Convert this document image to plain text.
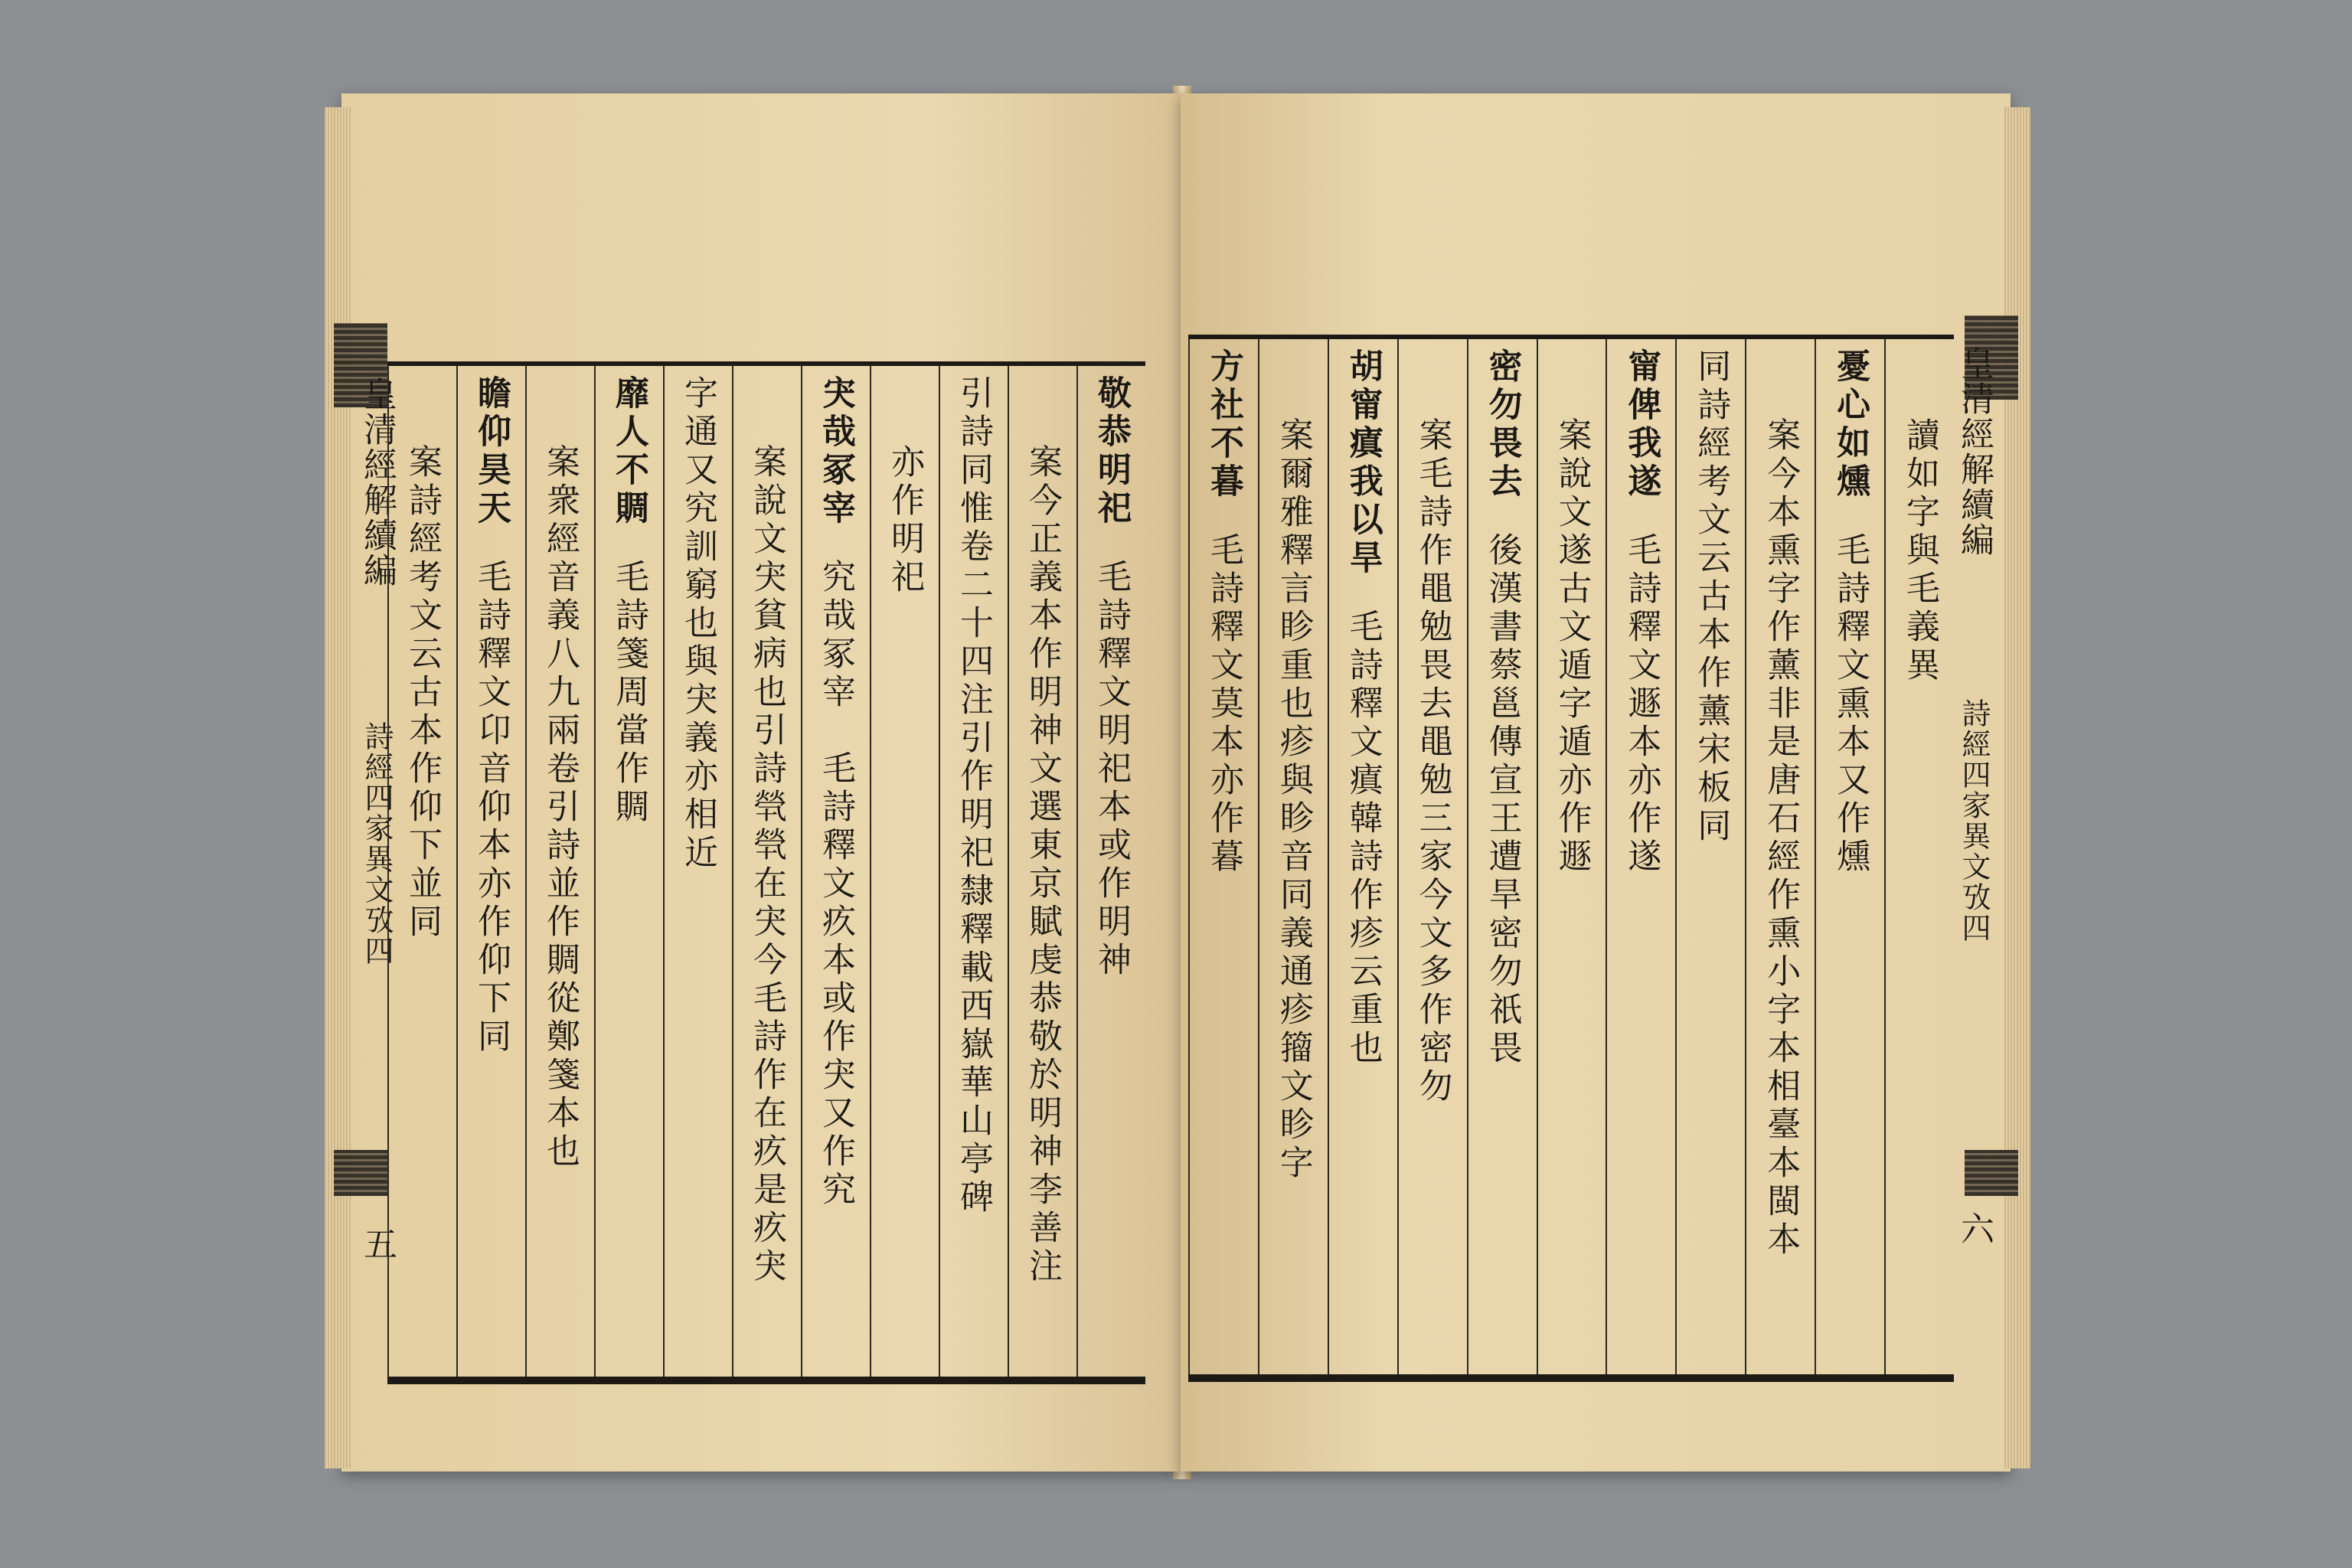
皇清經解續編
詩經四家異文攷四
五
敬恭明祀毛詩釋文明祀本或作明神
案今正義本作明神文選東京賦虔恭敬於明神李善注
引詩同惟卷二十四注引作明祀隸釋載西嶽華山亭碑
亦作明祀
宊哉冢宰究哉冢宰　毛詩釋文疚本或作宊又作究
案說文宊貧病也引詩煢煢在宊今毛詩作在疚是疚宊
字通又究訓窮也與宊義亦相近
靡人不賙毛詩箋周當作賙
案衆經音義八九兩卷引詩並作賙從鄭箋本也
瞻仰昊天毛詩釋文卬音仰本亦作仰下同
案詩經考文云古本作仰下並同	皇清經解續編
詩經四家異文攷四
六
讀如字與毛義異
憂心如燻毛詩釋文熏本又作燻
案今本熏字作薰非是唐石經作熏小字本相臺本閩本
同詩經考文云古本作薰宋板同
甯俾我遂毛詩釋文遯本亦作遂
案說文遂古文遁字遁亦作遯
密勿畏去後漢書蔡邕傳宣王遭旱密勿祇畏
案毛詩作黽勉畏去黽勉三家今文多作密勿
胡甯瘨我以旱毛詩釋文瘨韓詩作疹云重也
案爾雅釋言眕重也疹與眕音同義通疹籀文眕字
方社不暮毛詩釋文莫本亦作暮
